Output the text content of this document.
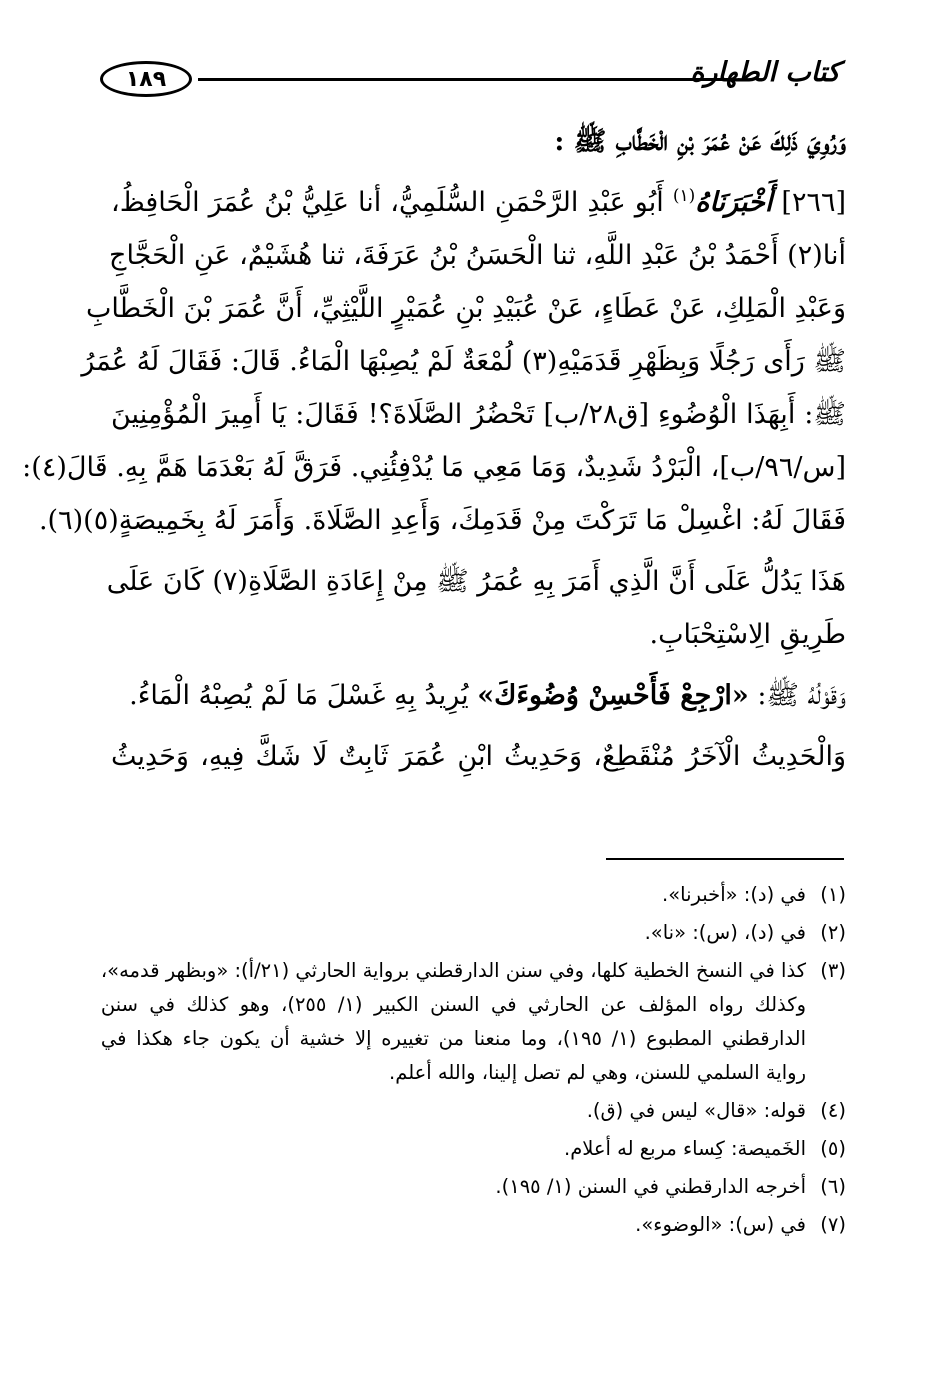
١٨٩	كتاب الطهارة
وَرُوِيَ ذَلِكَ عَنْ عُمَرَ بْنِ الْخَطَّابِ ﷺ :
[٢٦٦] أَخْبَرَنَاهُ$^{(١)}$ أَبُو عَبْدِ الرَّحْمَنِ السُّلَمِيُّ، أنا عَلِيُّ بْنُ عُمَرَ الْحَافِظُ،
أنا(٢) أَحْمَدُ بْنُ عَبْدِ اللَّهِ، ثنا الْحَسَنُ بْنُ عَرَفَةَ، ثنا هُشَيْمٌ، عَنِ الْحَجَّاجِ
وَعَبْدِ الْمَلِكِ، عَنْ عَطَاءٍ، عَنْ عُبَيْدِ بْنِ عُمَيْرٍ اللَّيْثِيِّ، أَنَّ عُمَرَ بْنَ الْخَطَّابِ
ﷺ رَأَى رَجُلًا وَبِظَهْرِ قَدَمَيْهِ(٣) لُمْعَةٌ لَمْ يُصِبْهَا الْمَاءُ. قَالَ: فَقَالَ لَهُ عُمَرُ
ﷺ: أَبِهَذَا الْوُضُوءِ [ق٢٨/ب] تَحْضُرُ الصَّلَاةَ؟! فَقَالَ: يَا أَمِيرَ الْمُؤْمِنِينَ
[س/٩٦/ب]، الْبَرْدُ شَدِيدٌ، وَمَا مَعِي مَا يُدْفِئُنِي. فَرَقَّ لَهُ بَعْدَمَا هَمَّ بِهِ. قَالَ(٤):
فَقَالَ لَهُ: اغْسِلْ مَا تَرَكْتَ مِنْ قَدَمِكَ، وَأَعِدِ الصَّلَاةَ. وَأَمَرَ لَهُ بِخَمِيصَةٍ(٥)(٦).
هَذَا يَدُلُّ عَلَى أَنَّ الَّذِي أَمَرَ بِهِ عُمَرُ ﷺ مِنْ إِعَادَةِ الصَّلَاةِ(٧) كَانَ عَلَى
طَرِيقِ الِاسْتِحْبَابِ.
وَقَوْلُهُ ﷺ: «ارْجِعْ فَأَحْسِنْ وُضُوءَكَ» يُرِيدُ بِهِ غَسْلَ مَا لَمْ يُصِبْهُ الْمَاءُ.
وَالْحَدِيثُ الْآخَرُ مُنْقَطِعٌ، وَحَدِيثُ ابْنِ عُمَرَ ثَابِتٌ لَا شَكَّ فِيهِ، وَحَدِيثُ
(١)
في (د): «أخبرنا».
(٢)
في (د)، (س): «نا».
(٣)
كذا في النسخ الخطية كلها، وفي سنن الدارقطني برواية الحارثي (٢١/أ): «وبظهر قدمه»،
وكذلك رواه المؤلف عن الحارثي في السنن الكبير (١/ ٢٥٥)، وهو كذلك في سنن
الدارقطني المطبوع (١/ ١٩٥)، وما منعنا من تغييره إلا خشية أن يكون جاء هكذا في
رواية السلمي للسنن، وهي لم تصل إلينا، والله أعلم.
(٤)
قوله: «قال» ليس في (ق).
(٥)
الخَميصة: كِساء مربع له أعلام.
(٦)
أخرجه الدارقطني في السنن (١/ ١٩٥).
(٧)
في (س): «الوضوء».
